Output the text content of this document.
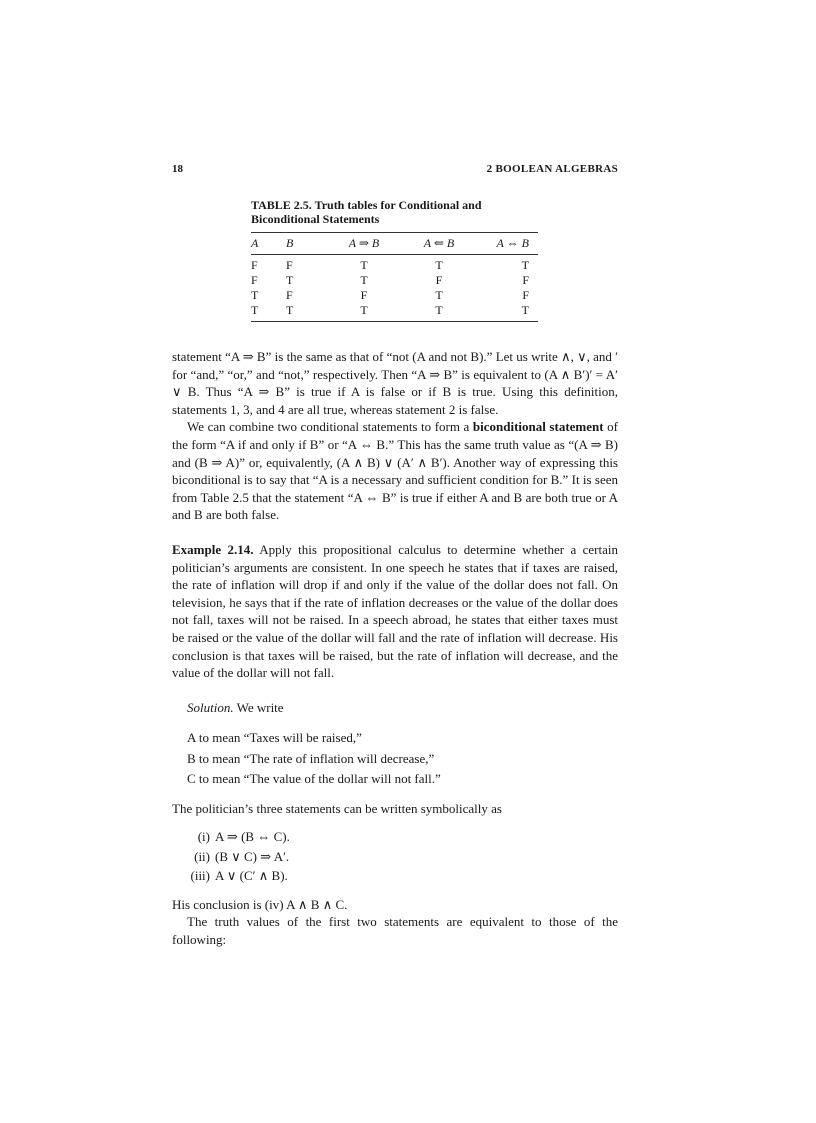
18	2 BOOLEAN ALGEBRAS
TABLE 2.5. Truth tables for Conditional and
Biconditional Statements
A	B	A ⇒ B	A ⇐ B	A ⇔ B
F	F	T	T	T
F	T	T	F	F
T	F	F	T	F
T	T	T	T	T

statement “A ⇒ B” is the same as that of “not (A and not B).” Let us write ∧, ∨, and ′ for “and,” “or,” and “not,” respectively. Then “A ⇒ B” is equivalent to (A ∧ B′)′ = A′ ∨ B. Thus “A ⇒ B” is true if A is false or if B is true. Using this definition, statements 1, 3, and 4 are all true, whereas statement 2 is false.

We can combine two conditional statements to form a biconditional statement of the form “A if and only if B” or “A ⇔ B.” This has the same truth value as “(A ⇒ B) and (B ⇒ A)” or, equivalently, (A ∧ B) ∨ (A′ ∧ B′). Another way of expressing this biconditional is to say that “A is a necessary and sufficient condition for B.” It is seen from Table 2.5 that the statement “A ⇔ B” is true if either A and B are both true or A and B are both false.

Example 2.14. Apply this propositional calculus to determine whether a certain politician’s arguments are consistent. In one speech he states that if taxes are raised, the rate of inflation will drop if and only if the value of the dollar does not fall. On television, he says that if the rate of inflation decreases or the value of the dollar does not fall, taxes will not be raised. In a speech abroad, he states that either taxes must be raised or the value of the dollar will fall and the rate of inflation will decrease. His conclusion is that taxes will be raised, but the rate of inflation will decrease, and the value of the dollar will not fall.

Solution. We write

A to mean “Taxes will be raised,”
B to mean “The rate of inflation will decrease,”
C to mean “The value of the dollar will not fall.”

The politician’s three statements can be written symbolically as

(i) A ⇒ (B ⇔ C).
(ii) (B ∨ C) ⇒ A′.
(iii) A ∨ (C′ ∧ B).

His conclusion is (iv) A ∧ B ∧ C.

The truth values of the first two statements are equivalent to those of the following:
